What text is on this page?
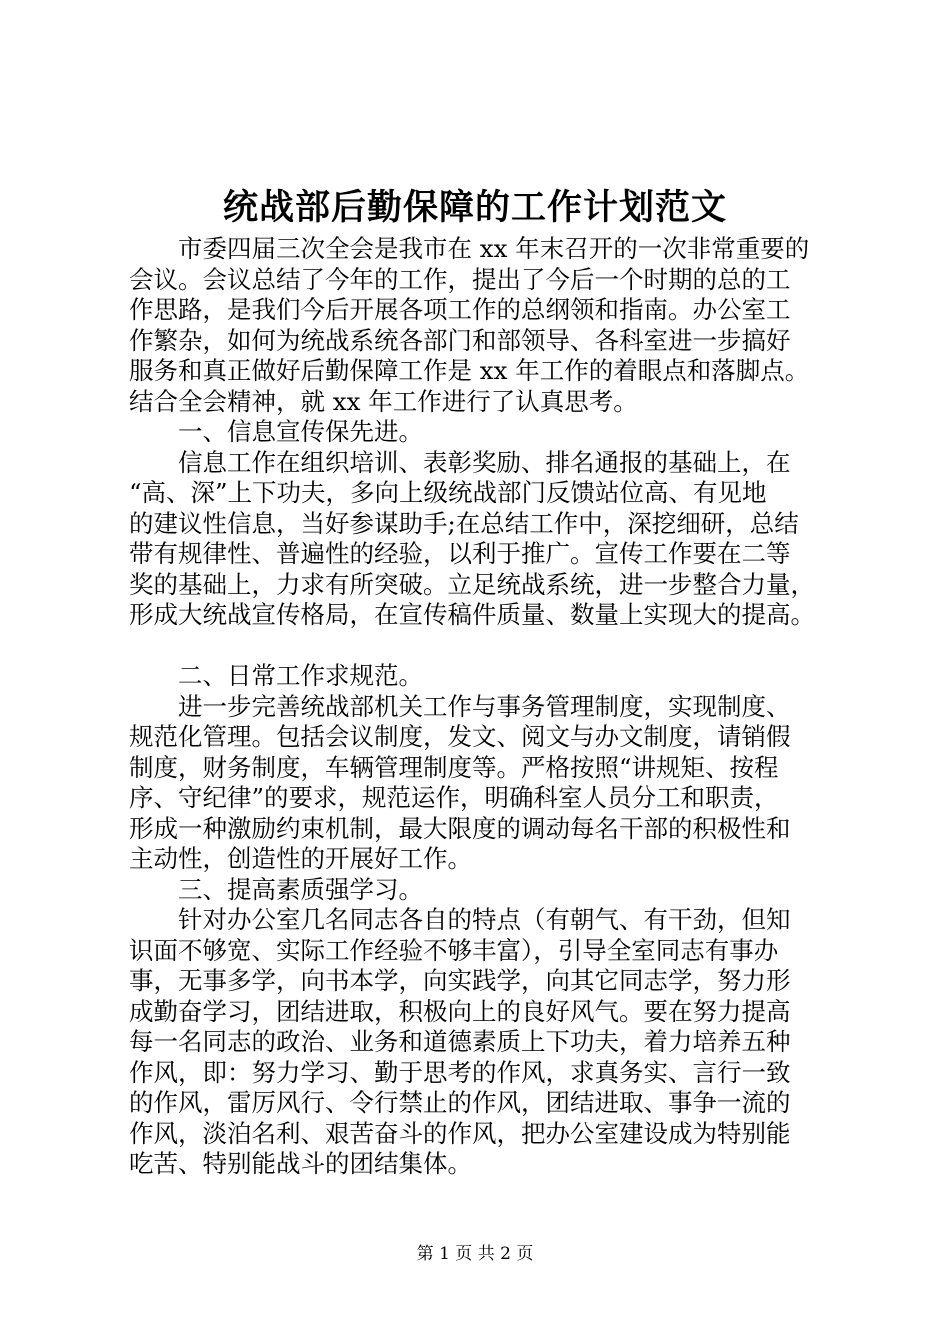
统战部后勤保障的工作计划范文
市委四届三次全会是我市在 xx 年末召开的一次非常重要的
会议。会议总结了今年的工作，提出了今后一个时期的总的工
作思路，是我们今后开展各项工作的总纲领和指南。办公室工
作繁杂，如何为统战系统各部门和部领导、各科室进一步搞好
服务和真正做好后勤保障工作是 xx 年工作的着眼点和落脚点。
结合全会精神，就 xx 年工作进行了认真思考。
一、信息宣传保先进。
信息工作在组织培训、表彰奖励、排名通报的基础上，在
“高、深”上下功夫，多向上级统战部门反馈站位高、有见地
的建议性信息，当好参谋助手;在总结工作中，深挖细研，总结
带有规律性、普遍性的经验，以利于推广。宣传工作要在二等
奖的基础上，力求有所突破。立足统战系统，进一步整合力量，
形成大统战宣传格局，在宣传稿件质量、数量上实现大的提高。
二、日常工作求规范。
进一步完善统战部机关工作与事务管理制度，实现制度、
规范化管理。包括会议制度，发文、阅文与办文制度，请销假
制度，财务制度，车辆管理制度等。严格按照“讲规矩、按程
序、守纪律”的要求，规范运作，明确科室人员分工和职责，
形成一种激励约束机制，最大限度的调动每名干部的积极性和
主动性，创造性的开展好工作。
三、提高素质强学习。
针对办公室几名同志各自的特点（有朝气、有干劲，但知
识面不够宽、实际工作经验不够丰富），引导全室同志有事办
事，无事多学，向书本学，向实践学，向其它同志学，努力形
成勤奋学习，团结进取，积极向上的良好风气。要在努力提高
每一名同志的政治、业务和道德素质上下功夫，着力培养五种
作风，即：努力学习、勤于思考的作风，求真务实、言行一致
的作风，雷厉风行、令行禁止的作风，团结进取、事争一流的
作风，淡泊名利、艰苦奋斗的作风，把办公室建设成为特别能
吃苦、特别能战斗的团结集体。
第 1 页 共 2 页
